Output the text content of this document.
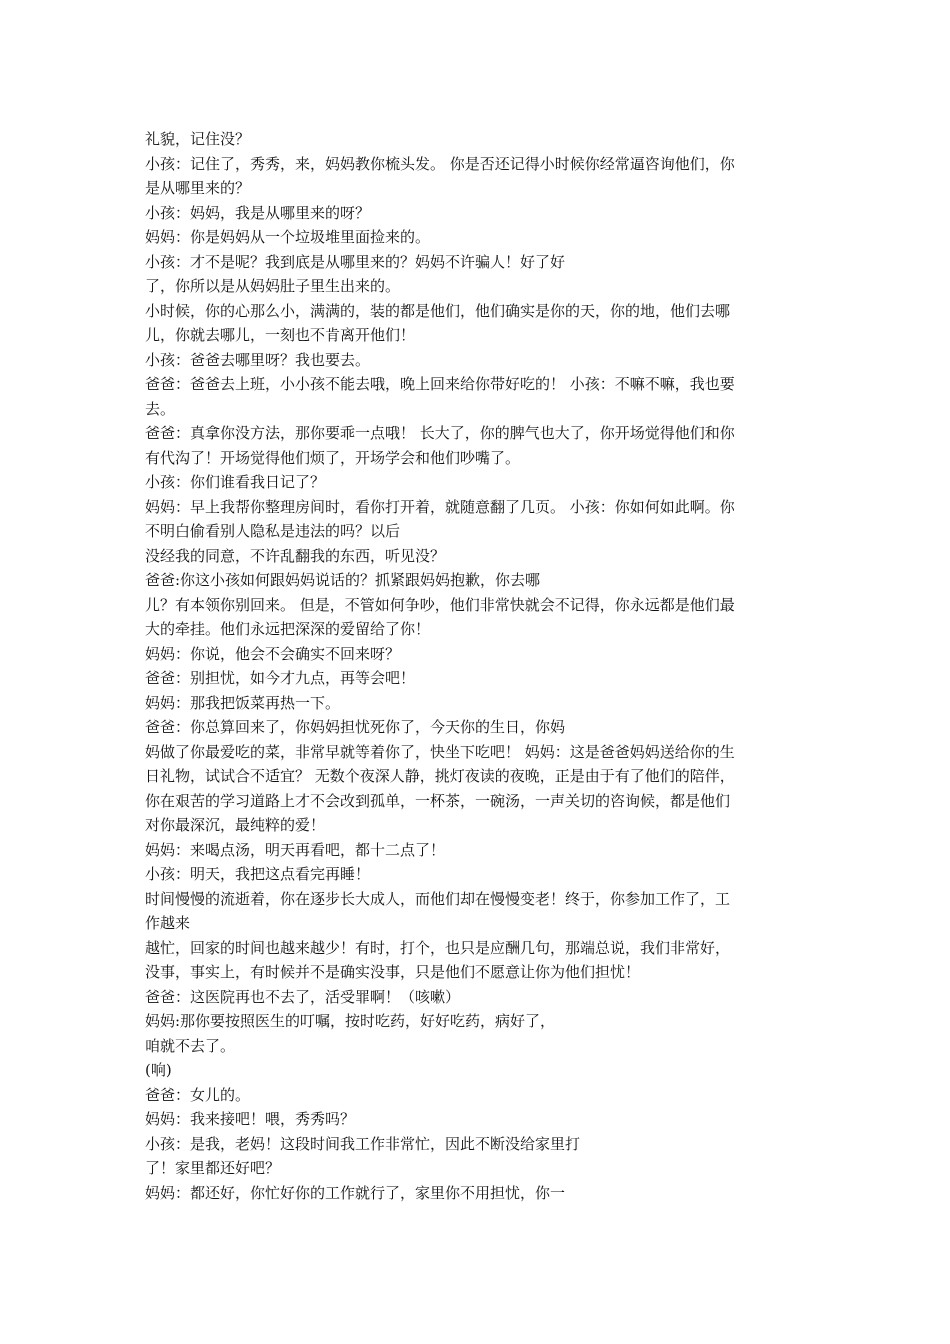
礼貌，记住没？
小孩：记住了，秀秀，来，妈妈教你梳头发。 你是否还记得小时候你经常逼咨询他们，你
是从哪里来的？
小孩：妈妈，我是从哪里来的呀？
妈妈：你是妈妈从一个垃圾堆里面捡来的。
小孩：才不是呢？我到底是从哪里来的？妈妈不许骗人！好了好
了，你所以是从妈妈肚子里生出来的。
小时候，你的心那么小，满满的，装的都是他们，他们确实是你的天，你的地，他们去哪
儿，你就去哪儿，一刻也不肯离开他们！
小孩：爸爸去哪里呀？我也要去。
爸爸：爸爸去上班，小小孩不能去哦，晚上回来给你带好吃的！ 小孩：不嘛不嘛，我也要
去。
爸爸：真拿你没方法，那你要乖一点哦！ 长大了，你的脾气也大了，你开场觉得他们和你
有代沟了！开场觉得他们烦了，开场学会和他们吵嘴了。
小孩：你们谁看我日记了？
妈妈：早上我帮你整理房间时，看你打开着，就随意翻了几页。 小孩：你如何如此啊。你
不明白偷看别人隐私是违法的吗？以后
没经我的同意，不许乱翻我的东西，听见没？
爸爸:你这小孩如何跟妈妈说话的？抓紧跟妈妈抱歉，你去哪
儿？有本领你别回来。 但是，不管如何争吵，他们非常快就会不记得，你永远都是他们最
大的牵挂。他们永远把深深的爱留给了你！
妈妈：你说，他会不会确实不回来呀？
爸爸：别担忧，如今才九点，再等会吧！
妈妈：那我把饭菜再热一下。
爸爸：你总算回来了，你妈妈担忧死你了，今天你的生日，你妈
妈做了你最爱吃的菜，非常早就等着你了，快坐下吃吧！ 妈妈：这是爸爸妈妈送给你的生
日礼物，试试合不适宜？ 无数个夜深人静，挑灯夜读的夜晚，正是由于有了他们的陪伴，
你在艰苦的学习道路上才不会改到孤单，一杯茶，一碗汤，一声关切的咨询候，都是他们
对你最深沉，最纯粹的爱！
妈妈：来喝点汤，明天再看吧，都十二点了！
小孩：明天，我把这点看完再睡！
时间慢慢的流逝着，你在逐步长大成人，而他们却在慢慢变老！终于，你参加工作了，工
作越来
越忙，回家的时间也越来越少！有时，打个，也只是应酬几句，那端总说，我们非常好，
没事，事实上，有时候并不是确实没事，只是他们不愿意让你为他们担忧！
爸爸：这医院再也不去了，活受罪啊！（咳嗽）
妈妈:那你要按照医生的叮嘱，按时吃药，好好吃药，病好了，
咱就不去了。
(响)
爸爸：女儿的。
妈妈：我来接吧！喂，秀秀吗？
小孩：是我，老妈！这段时间我工作非常忙，因此不断没给家里打
了！家里都还好吧？
妈妈：都还好，你忙好你的工作就行了，家里你不用担忧，你一
